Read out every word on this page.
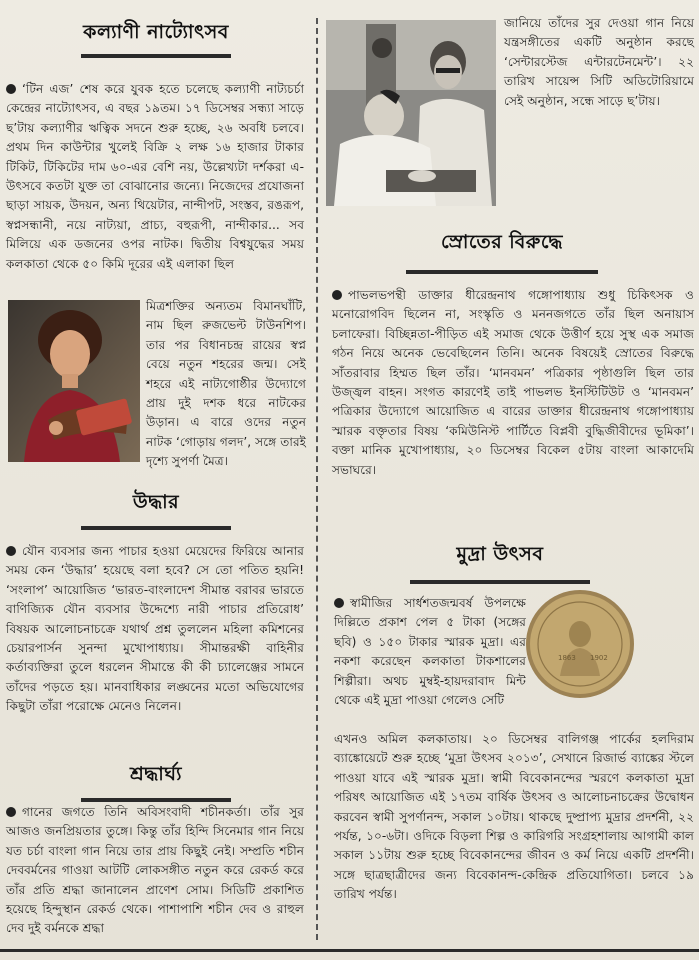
কল্যাণী নাট্যোৎসব

‘টিন এজ’ শেষ করে যুবক হতে চলেছে কল্যাণী নাট্যচর্চা কেন্দ্রের নাট্যোৎসব, এ বছর ১৯তম। ১৭ ডিসেম্বর সন্ধ্যা সাড়ে ছ’টায় কল্যাণীর ঋত্বিক সদনে শুরু হচ্ছে, ২৬ অবধি চলবে। প্রথম দিন কাউন্টার খুলেই বিক্রি ২ লক্ষ ১৬ হাজার টাকার টিকিট, টিকিটের দাম ৬০-এর বেশি নয়, উল্লেখ্যটা দর্শকরা এ-উৎসবে কতটা যুক্ত তা বোঝানোর জন্যে। নিজেদের প্রযোজনা ছাড়া সায়ক, উদয়ন, অন্য থিয়েটার, নান্দীপট, সংস্তব, রঙরূপ, স্বপ্নসন্ধানী, নয়ে নাট্যয়া, প্রাচ্য, বহুরূপী, নান্দীকার... সব মিলিয়ে এক ডজনের ওপর নাটক। দ্বিতীয় বিশ্বযুদ্ধের সময় কলকাতা থেকে ৫০ কিমি দূরের এই এলাকা ছিল

মিত্রশক্তির অন্যতম বিমানঘাঁটি, নাম ছিল রুজভেল্ট টাউনশিপ। তার পর বিধানচন্দ্র রায়ের স্বপ্ন বেয়ে নতুন শহরের জন্ম। সেই শহরে এই নাট্যগোষ্ঠীর উদ্যোগে প্রায় দুই দশক ধরে নাটকের উড়ান। এ বারে ওদের নতুন নাটক ‘গোড়ায় গলদ’, সঙ্গে তারই দৃশ্যে সুপর্ণা মৈত্র।

উদ্ধার

যৌন ব্যবসার জন্য পাচার হওয়া মেয়েদের ফিরিয়ে আনার সময় কেন ‘উদ্ধার’ হয়েছে বলা হবে? সে তো পতিত হয়নি! ‘সংলাপ’ আয়োজিত ‘ভারত-বাংলাদেশ সীমান্ত বরাবর ভারতে বাণিজ্যিক যৌন ব্যবসার উদ্দেশ্যে নারী পাচার প্রতিরোধ’ বিষয়ক আলোচনাচক্রে যথার্থ প্রশ্ন তুললেন মহিলা কমিশনের চেয়ারপার্সন সুনন্দা মুখোপাধ্যায়। সীমান্তরক্ষী বাহিনীর কর্তাব্যক্তিরা তুলে ধরলেন সীমান্তে কী কী চ্যালেঞ্জের সামনে তাঁদের পড়তে হয়। মানবাধিকার লঙ্ঘনের মতো অভিযোগের কিছুটা তাঁরা পরোক্ষে মেনেও নিলেন।

শ্রদ্ধার্ঘ্য

গানের জগতে তিনি অবিসংবাদী শচীনকর্তা। তাঁর সুর আজও জনপ্রিয়তার তুঙ্গে। কিন্তু তাঁর হিন্দি সিনেমার গান নিয়ে যত চর্চা বাংলা গান নিয়ে তার প্রায় কিছুই নেই। সম্প্রতি শচীন দেববর্মনের গাওয়া আটটি লোকসঙ্গীত নতুন করে রেকর্ড করে তাঁর প্রতি শ্রদ্ধা জানালেন প্রাণেশ সোম। সিডিটি প্রকাশিত হয়েছে হিন্দুস্থান রেকর্ড থেকে। পাশাপাশি শচীন দেব ও রাহুল দেব দুই বর্মনকে শ্রদ্ধা

জানিয়ে তাঁদের সুর দেওয়া গান নিয়ে যন্ত্রসঙ্গীতের একটি অনুষ্ঠান করছে ‘সেন্টারস্টেজ এন্টারটেনমেন্ট’। ২২ তারিখ সায়েন্স সিটি অডিটোরিয়ামে সেই অনুষ্ঠান, সন্ধে সাড়ে ছ’টায়।

স্রোতের বিরুদ্ধে

পাভলভপন্থী ডাক্তার ধীরেন্দ্রনাথ গঙ্গোপাধ্যায় শুধু চিকিৎসক ও মনোরোগবিদ ছিলেন না, সংস্কৃতি ও মননজগতে তাঁর ছিল অনায়াস চলাফেরা। বিচ্ছিন্নতা-পীড়িত এই সমাজ থেকে উত্তীর্ণ হয়ে সুস্থ এক সমাজ গঠন নিয়ে অনেক ভেবেছিলেন তিনি। অনেক বিষয়েই স্রোতের বিরুদ্ধে সাঁতরাবার হিম্মত ছিল তাঁর। ‘মানবমন’ পত্রিকার পৃষ্ঠাগুলি ছিল তার উজ্জ্বল বাহন। সংগত কারণেই তাই পাভলভ ইনস্টিটিউট ও ‘মানবমন’ পত্রিকার উদ্যোগে আয়োজিত এ বারের ডাক্তার ধীরেন্দ্রনাথ গঙ্গোপাধ্যায় স্মারক বক্তৃতার বিষয় ‘কমিউনিস্ট পার্টিতে বিপ্লবী বুদ্ধিজীবীদের ভূমিকা’। বক্তা মানিক মুখোপাধ্যায়, ২০ ডিসেম্বর বিকেল ৫টায় বাংলা আকাদেমি সভাঘরে।

মুদ্রা উৎসব

স্বামীজির সার্ধশতজন্মবর্ষ উপলক্ষে দিল্লিতে প্রকাশ পেল ৫ টাকা (সঙ্গের ছবি) ও ১৫০ টাকার স্মারক মুদ্রা। এর নকশা করেছেন কলকাতা টাকশালের শিল্পীরা। অথচ মুম্বই-হায়দরাবাদ মিন্ট থেকে এই মুদ্রা পাওয়া গেলেও সেটি

1863 1902

এখনও অমিল কলকাতায়। ২০ ডিসেম্বর বালিগঞ্জ পার্কের হলদিরাম ব্যাঙ্কোয়েটে শুরু হচ্ছে ‘মুদ্রা উৎসব ২০১৩’, সেখানে রিজার্ভ ব্যাঙ্কের স্টলে পাওয়া যাবে এই স্মারক মুদ্রা। স্বামী বিবেকানন্দের স্মরণে কলকাতা মুদ্রা পরিষৎ আয়োজিত এই ১৭তম বার্ষিক উৎসব ও আলোচনাচক্রের উদ্বোধন করবেন স্বামী সুপর্ণানন্দ, সকাল ১০টায়। থাকছে দুষ্প্রাপ্য মুদ্রার প্রদর্শনী, ২২ পর্যন্ত, ১০-৬টা। ওদিকে বিড়লা শিল্প ও কারিগরি সংগ্রহশালায় আগামী কাল সকাল ১১টায় শুরু হচ্ছে বিবেকানন্দের জীবন ও কর্ম নিয়ে একটি প্রদর্শনী। সঙ্গে ছাত্রছাত্রীদের জন্য বিবেকানন্দ-কেন্দ্রিক প্রতিযোগিতা। চলবে ১৯ তারিখ পর্যন্ত।
